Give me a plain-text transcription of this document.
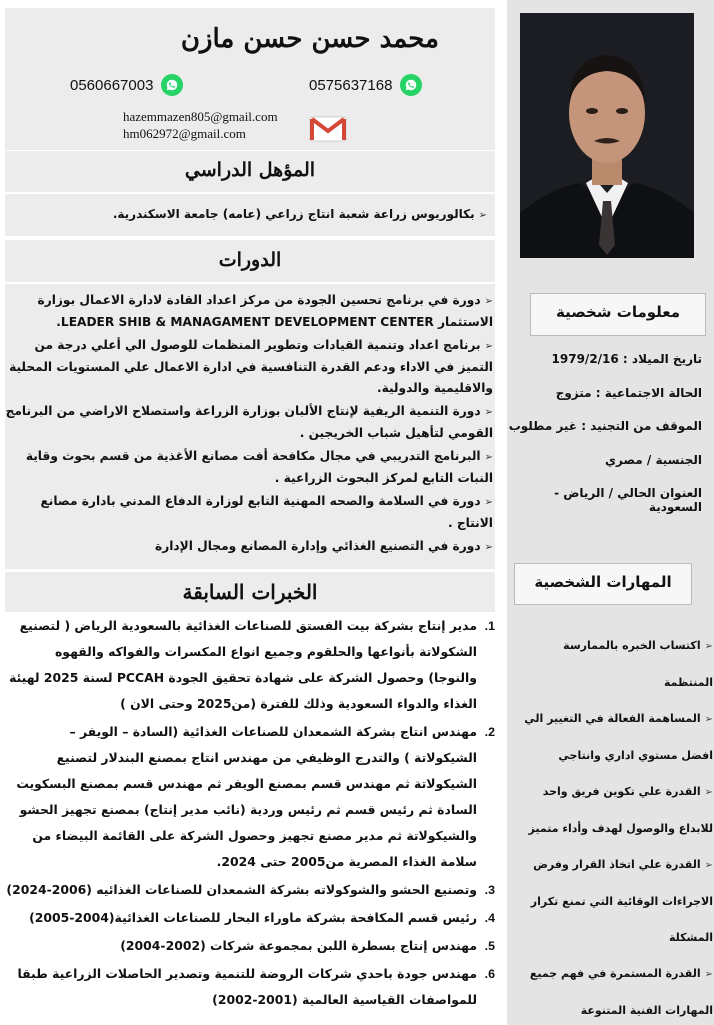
محمد حسن حسن مازن
0575637168
0560667003
hazemmazen805@gmail.com
hm062972@gmail.com
المؤهل الدراسي
➢بكالوريوس زراعة شعبة انتاج زراعي (عامه) جامعة الاسكندرية.
الدورات
➢دورة في برنامج تحسين الجودة من مركز اعداد القادة لادارة الاعمال بوزارة الاستثمار LEADER SHIB & MANAGAMENT DEVELOPMENT CENTER.
➢برنامج اعداد وتنمية القيادات وتطوير المنظمات للوصول الي أعلي درجة من التميز في الاداء ودعم القدرة التنافسية في ادارة الاعمال علي المستويات المحلية والاقليمية والدولية.
➢دورة التنمية الريفية لإنتاج الألبان بوزارة الزراعة واستصلاح الاراضي من البرنامج القومي لتأهيل شباب الخريجين .
➢البرنامج التدريبي في مجال مكافحة أفت مصانع الأغذية من قسم بحوث وقاية النبات التابع لمركز البحوث الزراعية .
➢دورة في السلامة والصحه المهنية التابع لوزارة الدفاع المدني بادارة مصانع الانتاج .
➢دورة في التصنيع الغذائي وإدارة المصانع ومجال الإدارة
الخبرات السابقة
1.
مدير إنتاج بشركة بيت الفستق للصناعات الغذائية بالسعودية الرياض ( لتصنيع الشكولاتة بأنواعها والحلقوم وجميع انواع المكسرات والفواكه والقهوه والنوجا) وحصول الشركة على شهادة تحقيق الجودة PCCAH لسنة 2025 لهيئة الغذاء والدواء السعودية وذلك للفترة (من2025 وحتى الان )
2.
مهندس انتاج بشركة الشمعدان للصناعات الغذائية (السادة – الويفر – الشيكولاتة ) والتدرج الوظيفي من مهندس انتاج بمصنع البندلار لتصنيع الشيكولاتة ثم مهندس قسم بمصنع الويفر ثم مهندس قسم بمصنع البسكويت السادة ثم رئيس قسم ثم رئيس وردية (نائب مدير إنتاج) بمصنع تجهيز الحشو والشيكولاتة ثم مدير مصنع تجهيز وحصول الشركة على القائمة البيضاء من سلامة الغذاء المصرية من2005 حتى 2024.
3.
وتصنيع الحشو والشوكولاته بشركة الشمعدان للصناعات الغذائيه (2006-2024)
4.
رئيس قسم المكافحة بشركة ماوراء البحار للصناعات الغذائية(2004-2005)
5.
مهندس إنتاج بسطرة اللبن بمجموعة شركات (2002-2004)
6.
مهندس جودة باحدي شركات الروضة للتنمية وتصدير الحاصلات الزراعية طبقا للمواصفات القياسية العالمية (2001-2002)
معلومات شخصية
تاريخ الميلاد : 1979/2/16
الحالة الاجتماعية : متزوج
الموقف من التجنيد : غير مطلوب
الجنسية / مصري
العنوان الحالي / الرياض - السعودية
المهارات الشخصية
➢اكتساب الخبره بالممارسة المنتظمة
➢المساهمة الفعالة في التغيير الي افضل مستوي اداري وانتاجي
➢القدرة علي تكوين فريق واحد للابداع والوصول لهدف وأداء متميز
➢القدرة علي اتخاذ القرار وفرض الاجراءات الوقائية التي تمنع تكرار المشكلة
➢القدرة المستمرة في فهم جميع المهارات الفنية المتنوعة
